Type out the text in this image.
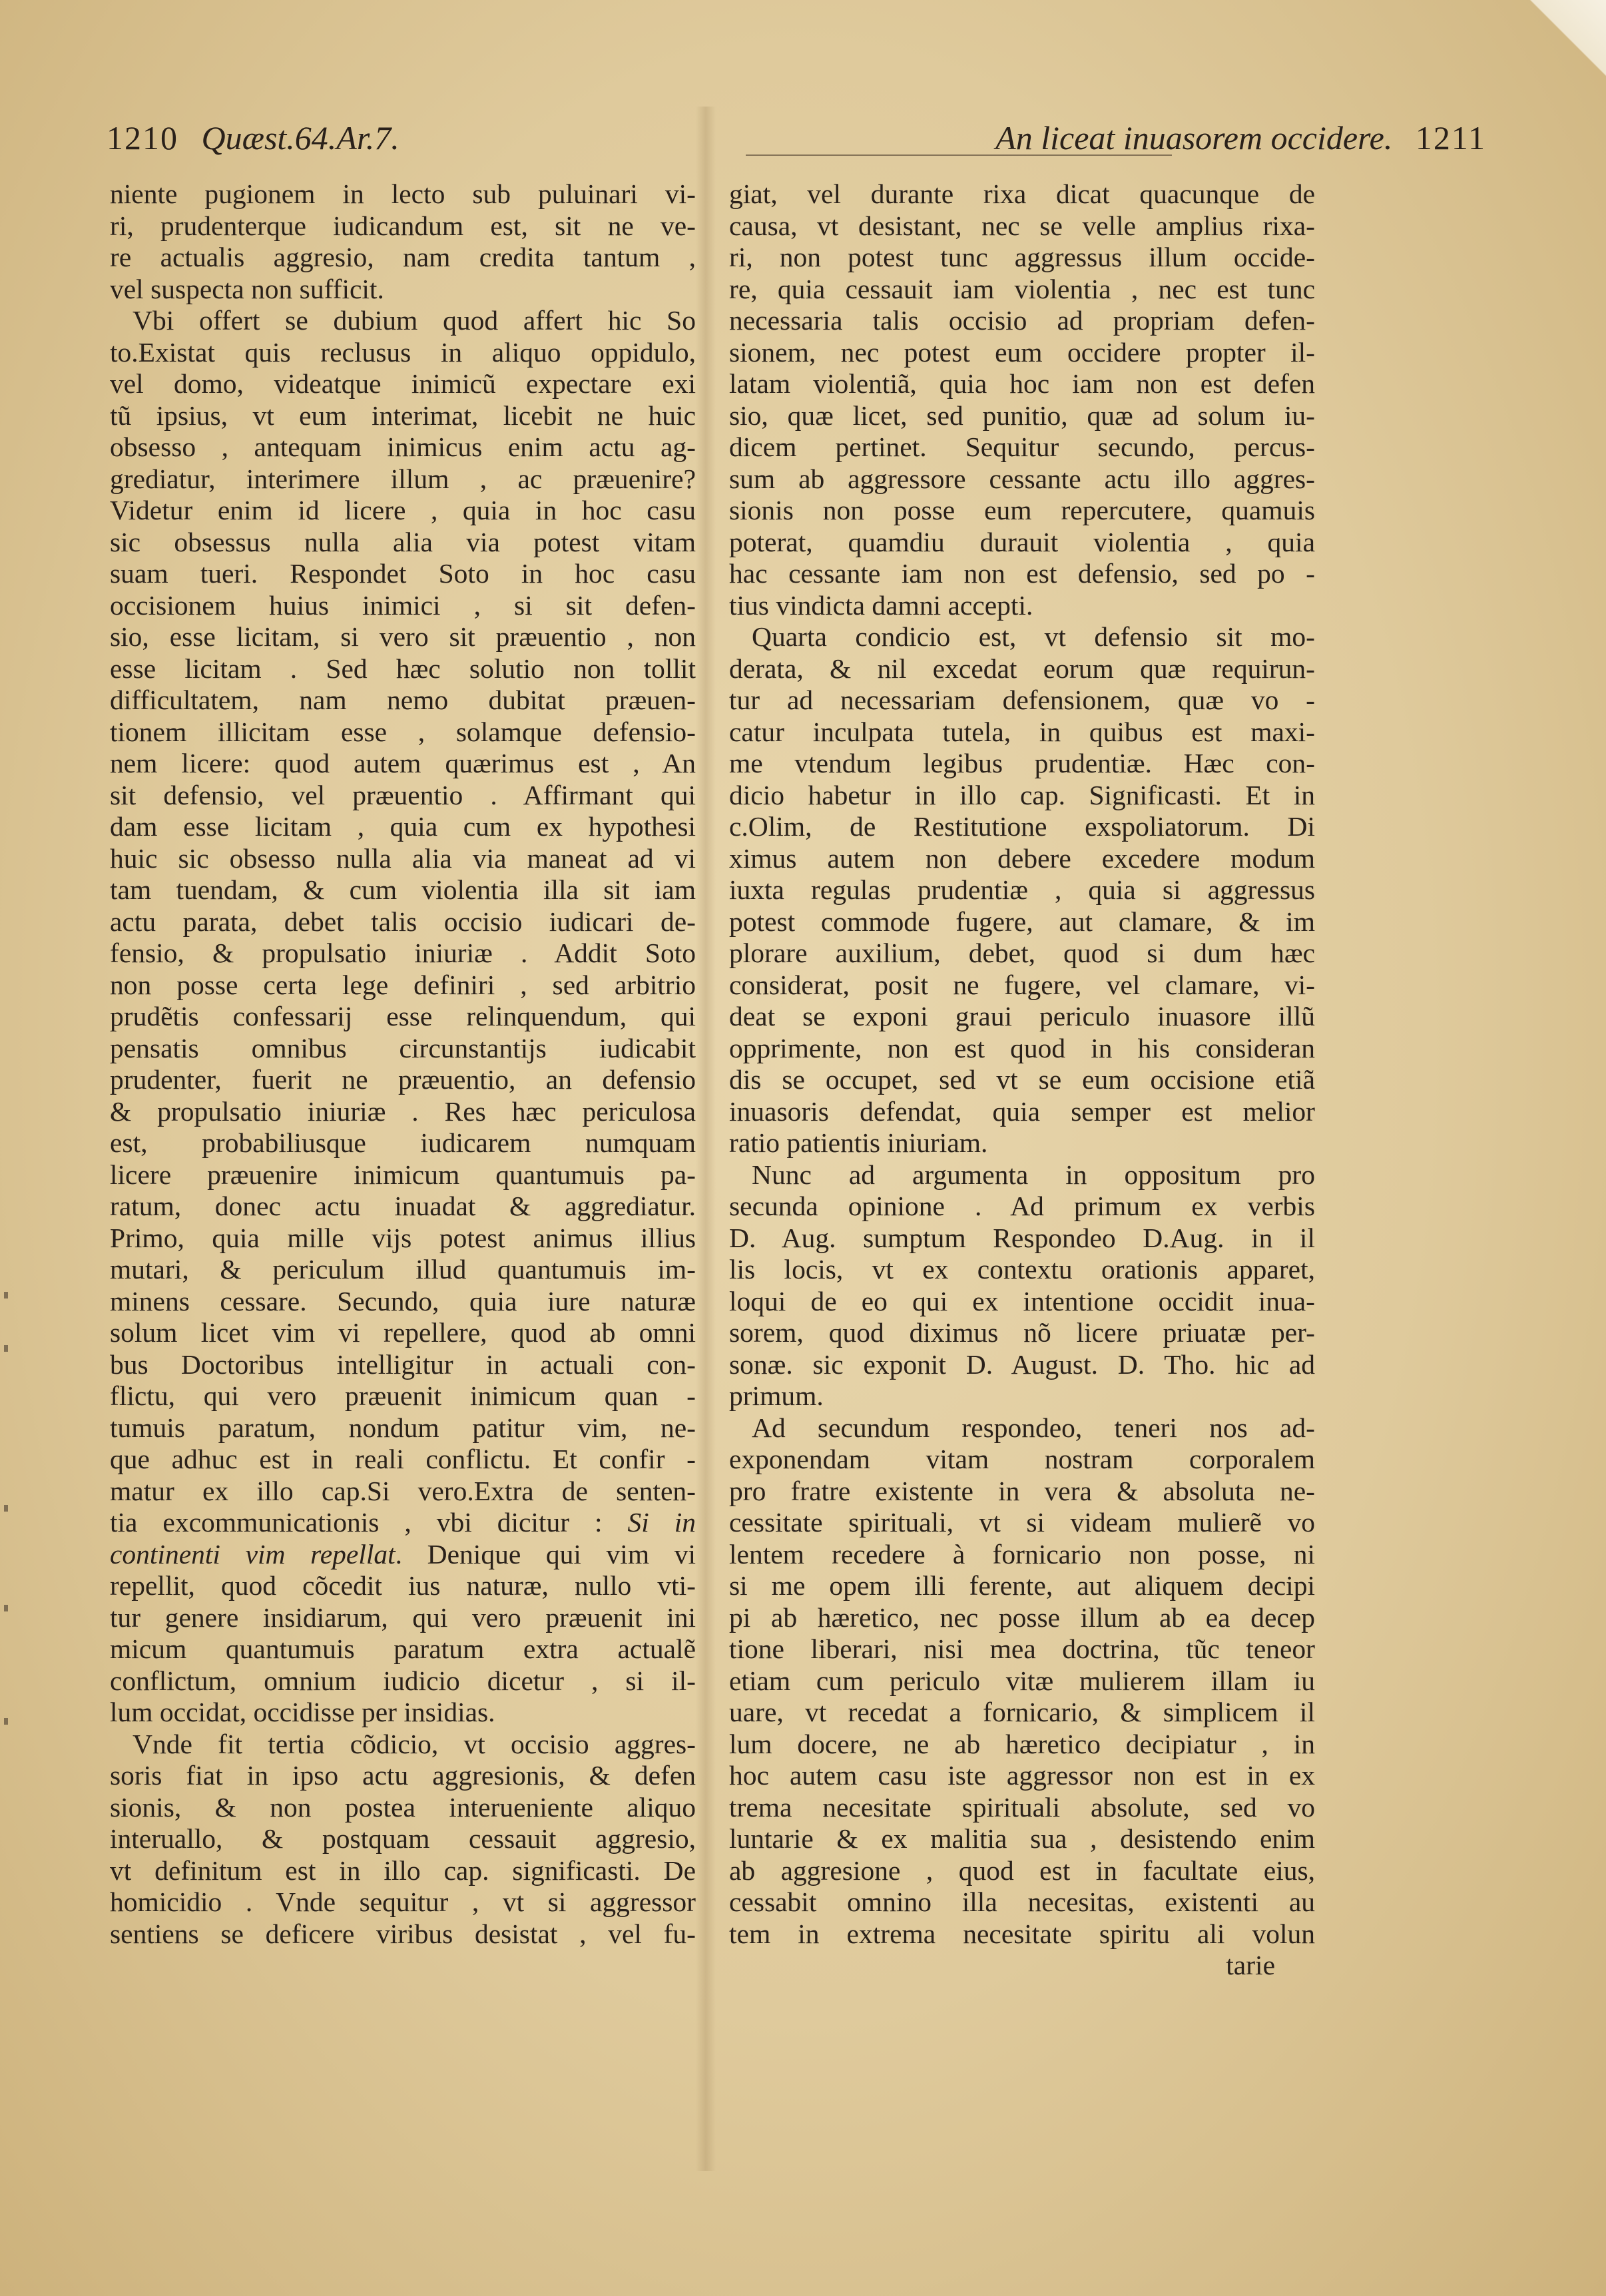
1210 Quæst.64.Ar.7.	An liceat inuasorem occidere. 1211
niente pugionem in lecto sub puluinari vi-
ri, prudenterque iudicandum est, sit ne ve-
re actualis aggresio, nam credita tantum ,
vel suspecta non sufficit.
Vbi offert se dubium quod affert hic So
to.Existat quis reclusus in aliquo oppidulo,
vel domo, videatque inimicũ expectare exi
tũ ipsius, vt eum interimat, licebit ne huic
obsesso , antequam inimicus enim actu ag-
grediatur, interimere illum , ac præuenire?
Videtur enim id licere , quia in hoc casu
sic obsessus nulla alia via potest vitam
suam tueri. Respondet Soto in hoc casu
occisionem huius inimici , si sit defen-
sio, esse licitam, si vero sit præuentio , non
esse licitam . Sed hæc solutio non tollit
difficultatem, nam nemo dubitat præuen-
tionem illicitam esse , solamque defensio-
nem licere: quod autem quærimus est , An
sit defensio, vel præuentio . Affirmant qui
dam esse licitam , quia cum ex hypothesi
huic sic obsesso nulla alia via maneat ad vi
tam tuendam, & cum violentia illa sit iam
actu parata, debet talis occisio iudicari de-
fensio, & propulsatio iniuriæ . Addit Soto
non posse certa lege definiri , sed arbitrio
prudẽtis confessarij esse relinquendum, qui
pensatis omnibus circunstantijs iudicabit
prudenter, fuerit ne præuentio, an defensio
& propulsatio iniuriæ . Res hæc periculosa
est, probabiliusque iudicarem numquam
licere præuenire inimicum quantumuis pa-
ratum, donec actu inuadat & aggrediatur.
Primo, quia mille vijs potest animus illius
mutari, & periculum illud quantumuis im-
minens cessare. Secundo, quia iure naturæ
solum licet vim vi repellere, quod ab omni
bus Doctoribus intelligitur in actuali con-
flictu, qui vero præuenit inimicum quan -
tumuis paratum, nondum patitur vim, ne-
que adhuc est in reali conflictu. Et confir -
matur ex illo cap.Si vero.Extra de senten-
tia excommunicationis , vbi dicitur : Si in
continenti vim repellat. Denique qui vim vi
repellit, quod cõcedit ius naturæ, nullo vti-
tur genere insidiarum, qui vero præuenit ini
micum quantumuis paratum extra actualẽ
conflictum, omnium iudicio dicetur , si il-
lum occidat, occidisse per insidias.
Vnde fit tertia cõdicio, vt occisio aggres-
soris fiat in ipso actu aggresionis, & defen
sionis, & non postea interueniente aliquo
interuallo, & postquam cessauit aggresio,
vt definitum est in illo cap. significasti. De
homicidio . Vnde sequitur , vt si aggressor
sentiens se deficere viribus desistat , vel fu-
giat, vel durante rixa dicat quacunque de
causa, vt desistant, nec se velle amplius rixa-
ri, non potest tunc aggressus illum occide-
re, quia cessauit iam violentia , nec est tunc
necessaria talis occisio ad propriam defen-
sionem, nec potest eum occidere propter il-
latam violentiã, quia hoc iam non est defen
sio, quæ licet, sed punitio, quæ ad solum iu-
dicem pertinet. Sequitur secundo, percus-
sum ab aggressore cessante actu illo aggres-
sionis non posse eum repercutere, quamuis
poterat, quamdiu durauit violentia , quia
hac cessante iam non est defensio, sed po -
tius vindicta damni accepti.
Quarta condicio est, vt defensio sit mo-
derata, & nil excedat eorum quæ requirun-
tur ad necessariam defensionem, quæ vo -
catur inculpata tutela, in quibus est maxi-
me vtendum legibus prudentiæ. Hæc con-
dicio habetur in illo cap. Significasti. Et in
c.Olim, de Restitutione exspoliatorum. Di
ximus autem non debere excedere modum
iuxta regulas prudentiæ , quia si aggressus
potest commode fugere, aut clamare, & im
plorare auxilium, debet, quod si dum hæc
considerat, posit ne fugere, vel clamare, vi-
deat se exponi graui periculo inuasore illũ
opprimente, non est quod in his consideran
dis se occupet, sed vt se eum occisione etiã
inuasoris defendat, quia semper est melior
ratio patientis iniuriam.
Nunc ad argumenta in oppositum pro
secunda opinione . Ad primum ex verbis
D. Aug. sumptum Respondeo D.Aug. in il
lis locis, vt ex contextu orationis apparet,
loqui de eo qui ex intentione occidit inua-
sorem, quod diximus nõ licere priuatæ per-
sonæ. sic exponit D. August. D. Tho. hic ad
primum.
Ad secundum respondeo, teneri nos ad-
exponendam vitam nostram corporalem
pro fratre existente in vera & absoluta ne-
cessitate spirituali, vt si videam mulierẽ vo
lentem recedere à fornicario non posse, ni
si me opem illi ferente, aut aliquem decipi
pi ab hæretico, nec posse illum ab ea decep
tione liberari, nisi mea doctrina, tũc teneor
etiam cum periculo vitæ mulierem illam iu
uare, vt recedat a fornicario, & simplicem il
lum docere, ne ab hæretico decipiatur , in
hoc autem casu iste aggressor non est in ex
trema necesitate spirituali absolute, sed vo
luntarie & ex malitia sua , desistendo enim
ab aggresione , quod est in facultate eius,
cessabit omnino illa necesitas, existenti au
tem in extrema necesitate spiritu ali volun
tarie
